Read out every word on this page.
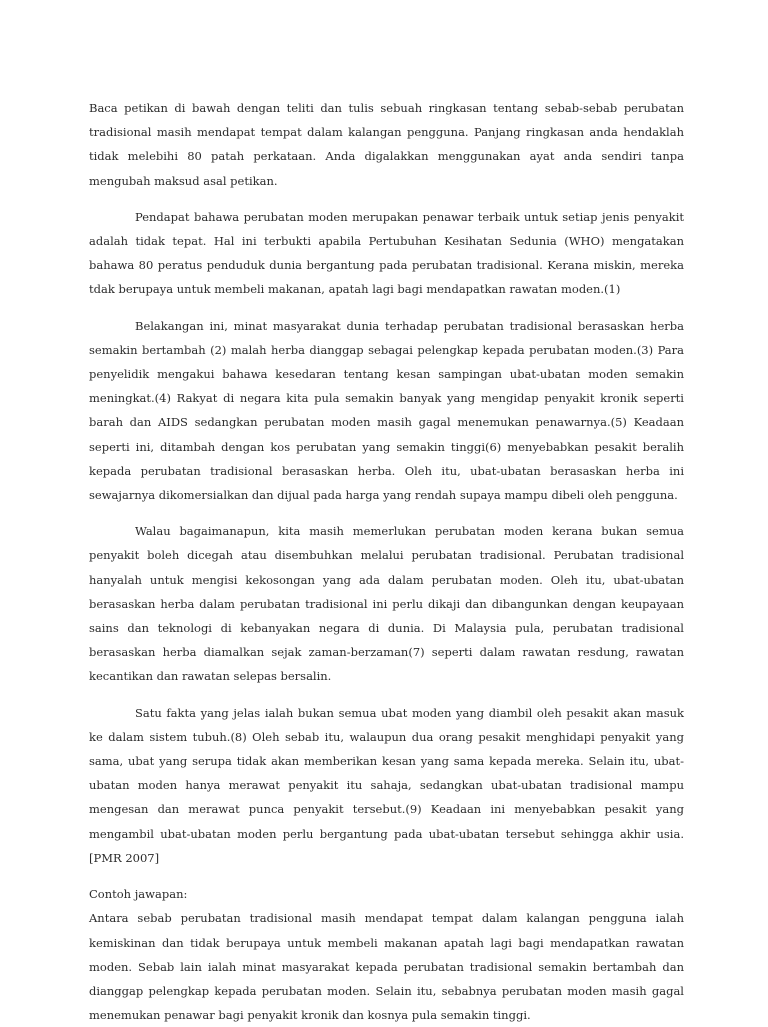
Baca petikan di bawah dengan teliti dan tulis sebuah ringkasan tentang sebab-sebab perubatan tradisional masih mendapat tempat dalam kalangan pengguna. Panjang ringkasan anda hendaklah tidak melebihi 80 patah perkataan. Anda digalakkan menggunakan ayat anda sendiri tanpa mengubah maksud asal petikan.

Pendapat bahawa perubatan moden merupakan penawar terbaik untuk setiap jenis penyakit adalah tidak tepat. Hal ini terbukti apabila Pertubuhan Kesihatan Sedunia (WHO) mengatakan bahawa 80 peratus penduduk dunia bergantung pada perubatan tradisional. Kerana miskin, mereka tdak berupaya untuk membeli makanan, apatah lagi bagi mendapatkan rawatan moden.(1)

Belakangan ini, minat masyarakat dunia terhadap perubatan tradisional berasaskan herba semakin bertambah (2) malah herba dianggap sebagai pelengkap kepada perubatan moden.(3) Para penyelidik mengakui bahawa kesedaran tentang kesan sampingan ubat-ubatan moden semakin meningkat.(4) Rakyat di negara kita pula semakin banyak yang mengidap penyakit kronik seperti barah dan AIDS sedangkan perubatan moden masih gagal menemukan penawarnya.(5) Keadaan seperti ini, ditambah dengan kos perubatan yang semakin tinggi(6) menyebabkan pesakit beralih kepada perubatan tradisional berasaskan herba. Oleh itu, ubat-ubatan berasaskan herba ini sewajarnya dikomersialkan dan dijual pada harga yang rendah supaya mampu dibeli oleh pengguna.

Walau bagaimanapun, kita masih memerlukan perubatan moden kerana bukan semua penyakit boleh dicegah atau disembuhkan melalui perubatan tradisional. Perubatan tradisional hanyalah untuk mengisi kekosongan yang ada dalam perubatan moden. Oleh itu, ubat-ubatan berasaskan herba dalam perubatan tradisional ini perlu dikaji dan dibangunkan dengan keupayaan sains dan teknologi di kebanyakan negara di dunia. Di Malaysia pula, perubatan tradisional berasaskan herba diamalkan sejak zaman-berzaman(7) seperti dalam rawatan resdung, rawatan kecantikan dan rawatan selepas bersalin.

Satu fakta yang jelas ialah bukan semua ubat moden yang diambil oleh pesakit akan masuk ke dalam sistem tubuh.(8) Oleh sebab itu, walaupun dua orang pesakit menghidapi penyakit yang sama, ubat yang serupa tidak akan memberikan kesan yang sama kepada mereka. Selain itu, ubat-ubatan moden hanya merawat penyakit itu sahaja, sedangkan ubat-ubatan tradisional mampu mengesan dan merawat punca penyakit tersebut.(9) Keadaan ini menyebabkan pesakit yang mengambil ubat-ubatan moden perlu bergantung pada ubat-ubatan tersebut sehingga akhir usia. [PMR 2007]

Contoh jawapan:

Antara sebab perubatan tradisional masih mendapat tempat dalam kalangan pengguna ialah kemiskinan dan tidak berupaya untuk membeli makanan apatah lagi bagi mendapatkan rawatan moden. Sebab lain ialah minat masyarakat kepada perubatan tradisional semakin bertambah dan dianggap pelengkap kepada perubatan moden. Selain itu, sebabnya perubatan moden masih gagal menemukan penawar bagi penyakit kronik dan kosnya pula semakin tinggi.
